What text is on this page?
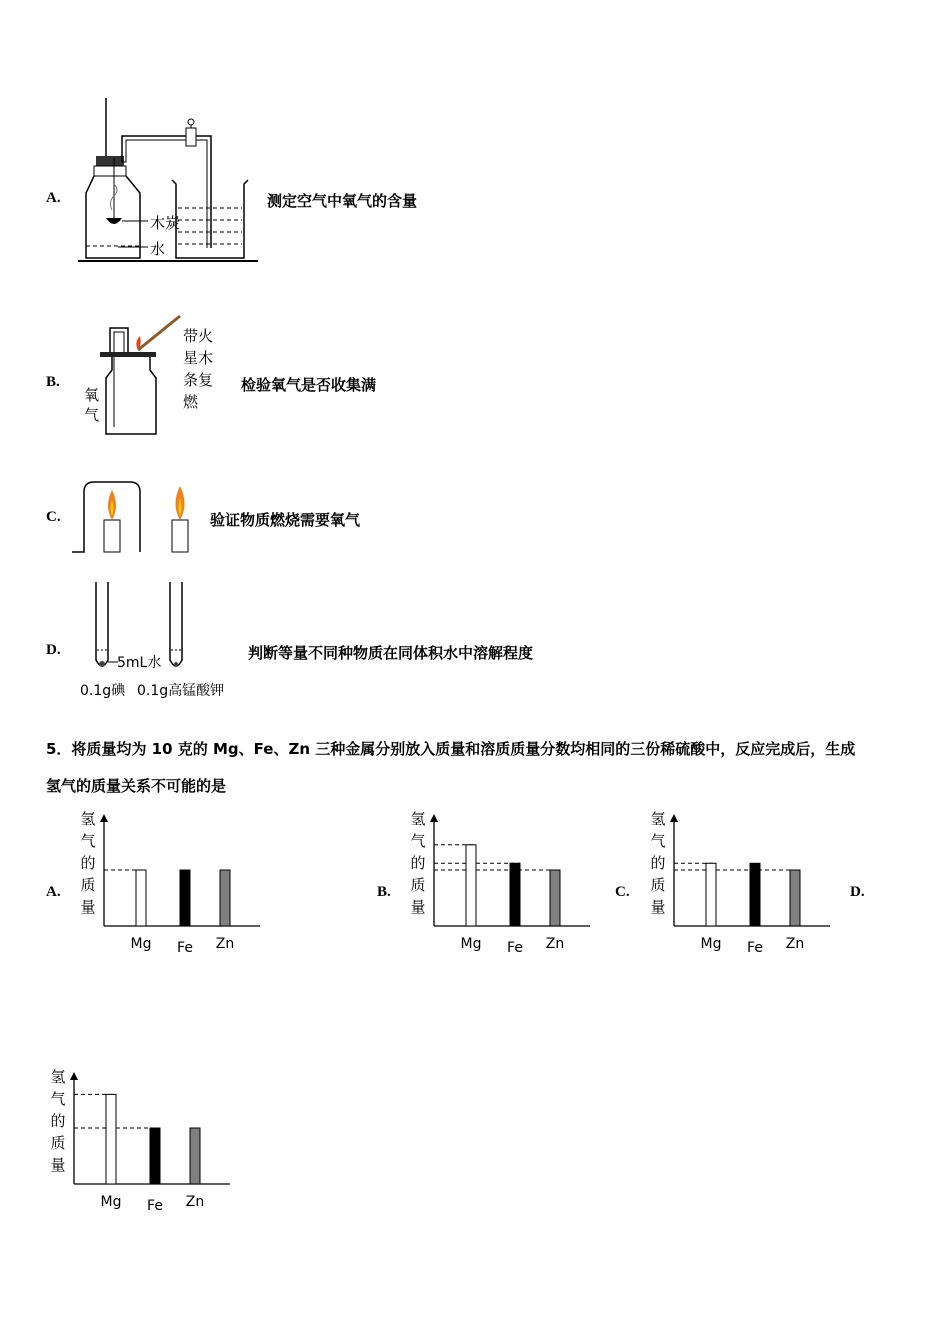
A.
木炭
水
测定空气中氧气的含量
B.
带火
星木
条复
燃
氧
气
检验氧气是否收集满
C.	验证物质燃烧需要氧气
D.
5mL水
0.1g碘 0.1g高锰酸钾
判断等量不同种物质在同体积水中溶解程度
5．将质量均为 10 克的 Mg、Fe、Zn 三种金属分别放入质量和溶质质量分数均相同的三份稀硫酸中，反应完成后，生成
氢气的质量关系不可能的是
A.	B.	C.	D.
氢
气
的
质
量
Mg Fe Zn
氢
气
的
质
量
Mg Fe Zn
氢
气
的
质
量
Mg Fe Zn
氢
气
的
质
量
Mg Fe Zn
